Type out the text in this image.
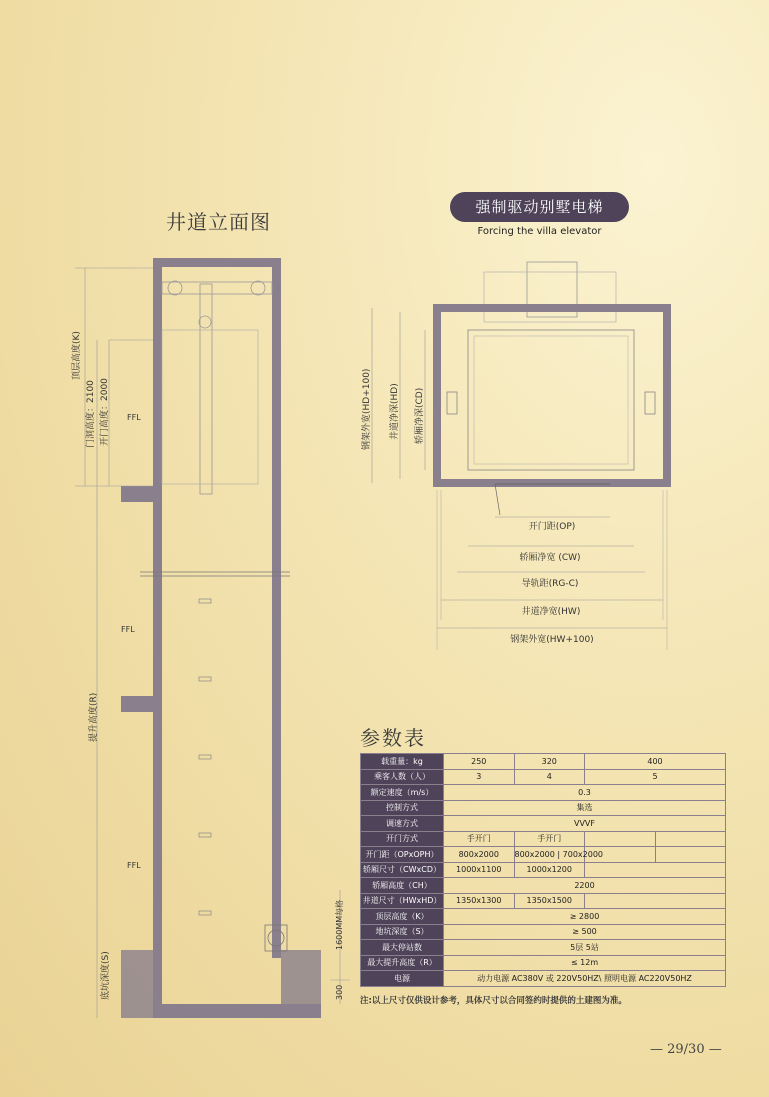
井道立面图
强制驱动别墅电梯
Forcing the villa elevator
顶层高度(K)
门洞高度：2100 开门高度：2000 FFL
FFL
FFL
提升高度(R)
底坑深度(S)
1600MM每格
300
钢架外宽(HD+100) 井道净深(HD) 轿厢净深(CD)
开门距(OP)
轿厢净宽 (CW)
导轨距(RG-C)
井道净宽(HW)
钢架外宽(HW+100)
参数表
载重量：kg	250	320	400	
乘客人数（人）	3	4	5	
额定速度（m/s）	0.3			
控制方式	集选			
调速方式	VVVF			
开门方式	手开门	手开门		
开门距（OPxOPH）	800x2000	800x2000 | 700x2000		
轿厢尺寸（CWxCD）	1000x1100	1000x1200		
轿厢高度（CH）	2200			
井道尺寸（HWxHD）	1350x1300	1350x1500		
顶层高度（K）	≥ 2800			
地坑深度（S）	≥ 500			
最大停站数	5层 5站			
最大提升高度（R）	≤ 12m			
电源	动力电源 AC380V 或 220V50HZ\ 照明电源 AC220V50HZ			
注:以上尺寸仅供设计参考，具体尺寸以合同签约时提供的土建图为准。
— 29/30 —
